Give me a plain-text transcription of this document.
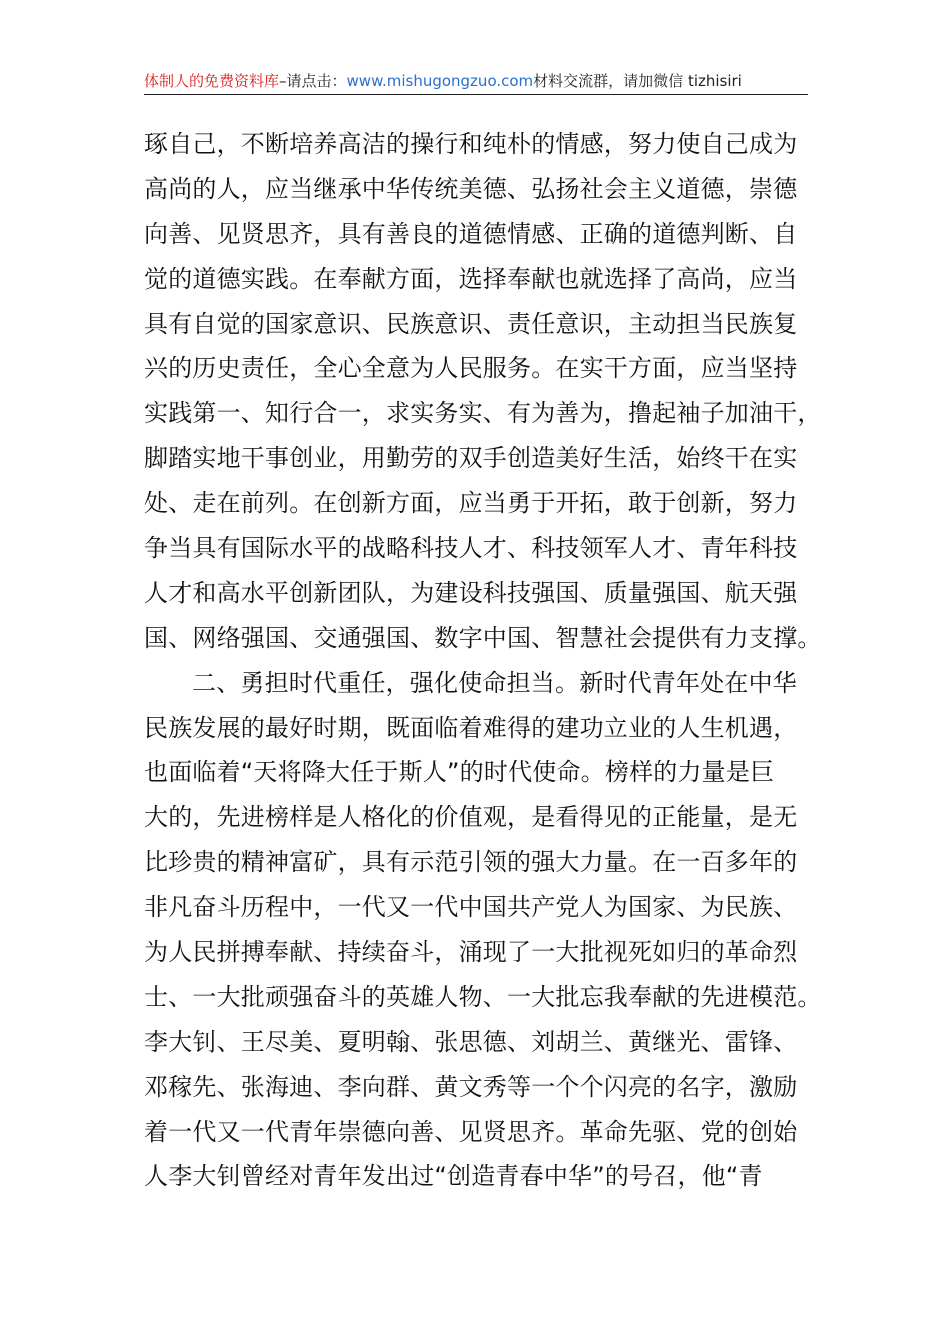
体制人的免费资料库–请点击：www.mishugongzuo.com材料交流群，请加微信 tizhisiri
琢自己，不断培养高洁的操行和纯朴的情感，努力使自己成为
高尚的人，应当继承中华传统美德、弘扬社会主义道德，崇德
向善、见贤思齐，具有善良的道德情感、正确的道德判断、自
觉的道德实践。在奉献方面，选择奉献也就选择了高尚，应当
具有自觉的国家意识、民族意识、责任意识，主动担当民族复
兴的历史责任，全心全意为人民服务。在实干方面，应当坚持
实践第一、知行合一，求实务实、有为善为，撸起袖子加油干，
脚踏实地干事创业，用勤劳的双手创造美好生活，始终干在实
处、走在前列。在创新方面，应当勇于开拓，敢于创新，努力
争当具有国际水平的战略科技人才、科技领军人才、青年科技
人才和高水平创新团队，为建设科技强国、质量强国、航天强
国、网络强国、交通强国、数字中国、智慧社会提供有力支撑。
二、勇担时代重任，强化使命担当。新时代青年处在中华
民族发展的最好时期，既面临着难得的建功立业的人生机遇，
也面临着“天将降大任于斯人”的时代使命。榜样的力量是巨
大的，先进榜样是人格化的价值观，是看得见的正能量，是无
比珍贵的精神富矿，具有示范引领的强大力量。在一百多年的
非凡奋斗历程中，一代又一代中国共产党人为国家、为民族、
为人民拼搏奉献、持续奋斗，涌现了一大批视死如归的革命烈
士、一大批顽强奋斗的英雄人物、一大批忘我奉献的先进模范。
李大钊、王尽美、夏明翰、张思德、刘胡兰、黄继光、雷锋、
邓稼先、张海迪、李向群、黄文秀等一个个闪亮的名字，激励
着一代又一代青年崇德向善、见贤思齐。革命先驱、党的创始
人李大钊曾经对青年发出过“创造青春中华”的号召，他“青
